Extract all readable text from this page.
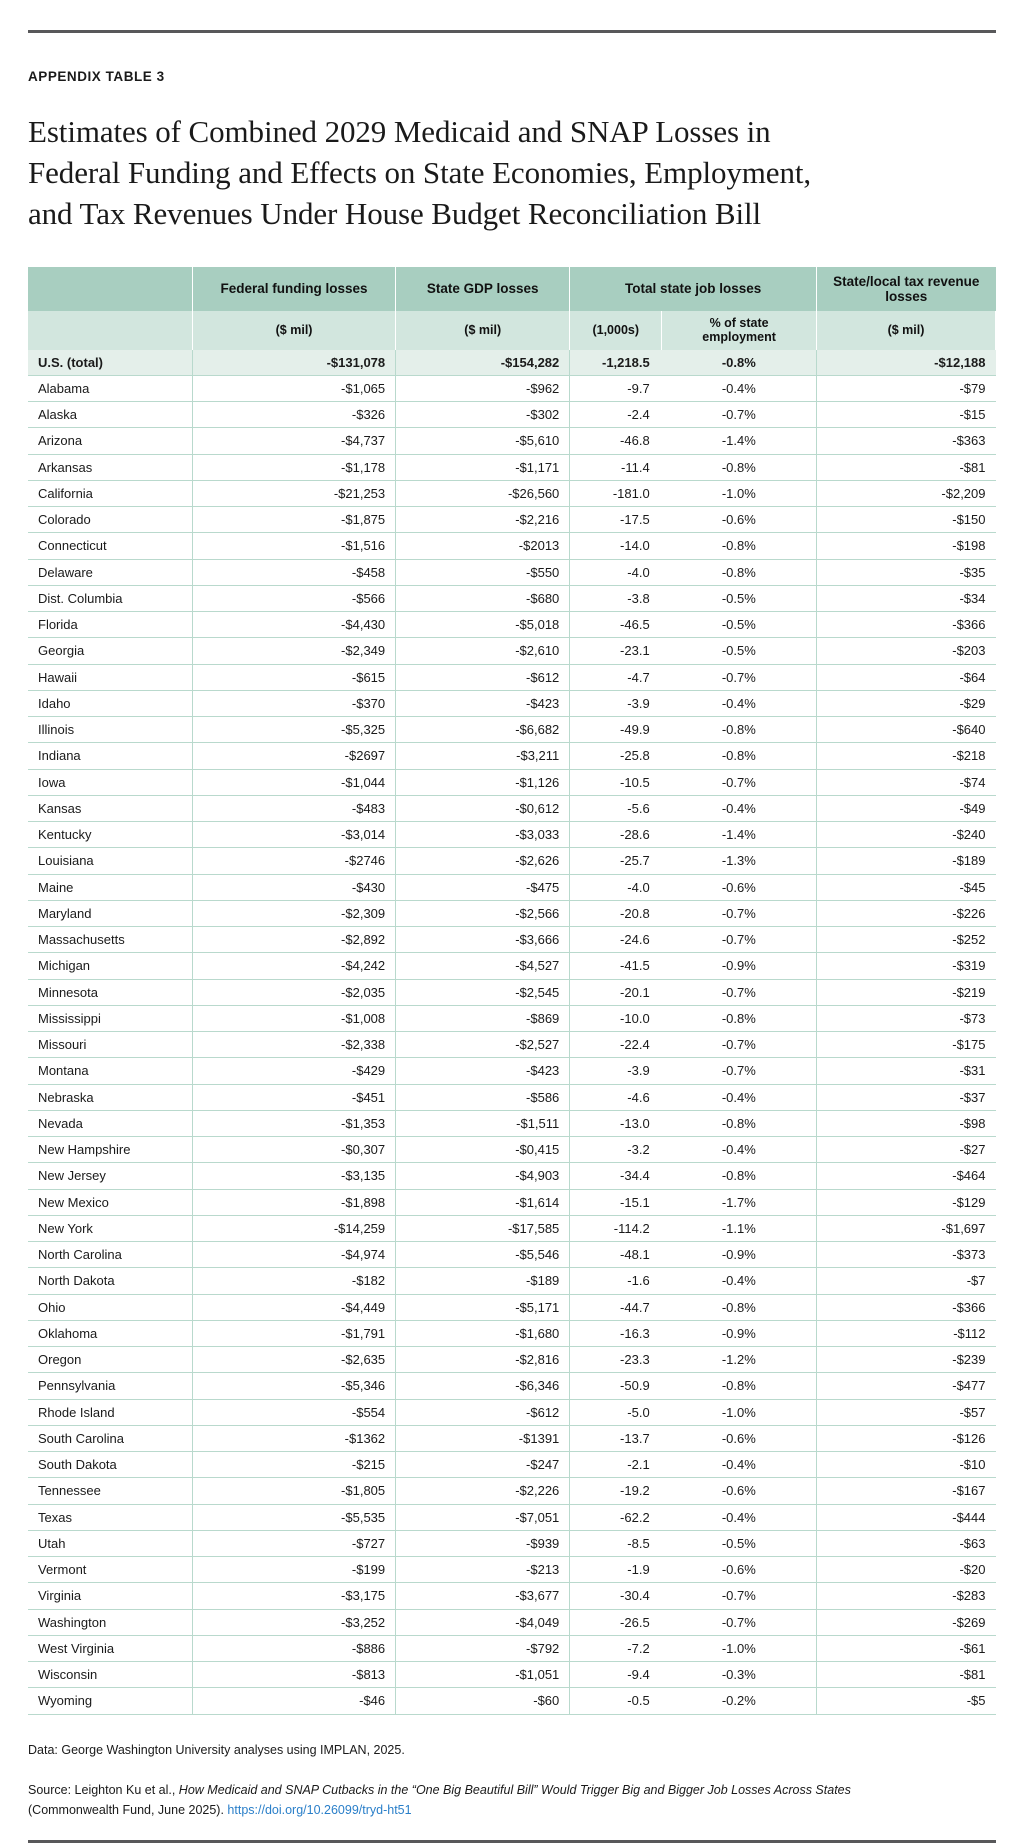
APPENDIX TABLE 3
Estimates of Combined 2029 Medicaid and SNAP Losses in Federal Funding and Effects on State Economies, Employment, and Tax Revenues Under House Budget Reconciliation Bill
	Federal funding losses	State GDP losses	Total state job losses		State/local tax revenue losses
	($ mil)	($ mil)	(1,000s)	% of state employment	($ mil)
U.S. (total)	-$131,078	-$154,282	-1,218.5	-0.8%	-$12,188
Alabama	-$1,065	-$962	-9.7	-0.4%	-$79
Alaska	-$326	-$302	-2.4	-0.7%	-$15
Arizona	-$4,737	-$5,610	-46.8	-1.4%	-$363
Arkansas	-$1,178	-$1,171	-11.4	-0.8%	-$81
California	-$21,253	-$26,560	-181.0	-1.0%	-$2,209
Colorado	-$1,875	-$2,216	-17.5	-0.6%	-$150
Connecticut	-$1,516	-$2013	-14.0	-0.8%	-$198
Delaware	-$458	-$550	-4.0	-0.8%	-$35
Dist. Columbia	-$566	-$680	-3.8	-0.5%	-$34
Florida	-$4,430	-$5,018	-46.5	-0.5%	-$366
Georgia	-$2,349	-$2,610	-23.1	-0.5%	-$203
Hawaii	-$615	-$612	-4.7	-0.7%	-$64
Idaho	-$370	-$423	-3.9	-0.4%	-$29
Illinois	-$5,325	-$6,682	-49.9	-0.8%	-$640
Indiana	-$2697	-$3,211	-25.8	-0.8%	-$218
Iowa	-$1,044	-$1,126	-10.5	-0.7%	-$74
Kansas	-$483	-$0,612	-5.6	-0.4%	-$49
Kentucky	-$3,014	-$3,033	-28.6	-1.4%	-$240
Louisiana	-$2746	-$2,626	-25.7	-1.3%	-$189
Maine	-$430	-$475	-4.0	-0.6%	-$45
Maryland	-$2,309	-$2,566	-20.8	-0.7%	-$226
Massachusetts	-$2,892	-$3,666	-24.6	-0.7%	-$252
Michigan	-$4,242	-$4,527	-41.5	-0.9%	-$319
Minnesota	-$2,035	-$2,545	-20.1	-0.7%	-$219
Mississippi	-$1,008	-$869	-10.0	-0.8%	-$73
Missouri	-$2,338	-$2,527	-22.4	-0.7%	-$175
Montana	-$429	-$423	-3.9	-0.7%	-$31
Nebraska	-$451	-$586	-4.6	-0.4%	-$37
Nevada	-$1,353	-$1,511	-13.0	-0.8%	-$98
New Hampshire	-$0,307	-$0,415	-3.2	-0.4%	-$27
New Jersey	-$3,135	-$4,903	-34.4	-0.8%	-$464
New Mexico	-$1,898	-$1,614	-15.1	-1.7%	-$129
New York	-$14,259	-$17,585	-114.2	-1.1%	-$1,697
North Carolina	-$4,974	-$5,546	-48.1	-0.9%	-$373
North Dakota	-$182	-$189	-1.6	-0.4%	-$7
Ohio	-$4,449	-$5,171	-44.7	-0.8%	-$366
Oklahoma	-$1,791	-$1,680	-16.3	-0.9%	-$112
Oregon	-$2,635	-$2,816	-23.3	-1.2%	-$239
Pennsylvania	-$5,346	-$6,346	-50.9	-0.8%	-$477
Rhode Island	-$554	-$612	-5.0	-1.0%	-$57
South Carolina	-$1362	-$1391	-13.7	-0.6%	-$126
South Dakota	-$215	-$247	-2.1	-0.4%	-$10
Tennessee	-$1,805	-$2,226	-19.2	-0.6%	-$167
Texas	-$5,535	-$7,051	-62.2	-0.4%	-$444
Utah	-$727	-$939	-8.5	-0.5%	-$63
Vermont	-$199	-$213	-1.9	-0.6%	-$20
Virginia	-$3,175	-$3,677	-30.4	-0.7%	-$283
Washington	-$3,252	-$4,049	-26.5	-0.7%	-$269
West Virginia	-$886	-$792	-7.2	-1.0%	-$61
Wisconsin	-$813	-$1,051	-9.4	-0.3%	-$81
Wyoming	-$46	-$60	-0.5	-0.2%	-$5
Data: George Washington University analyses using IMPLAN, 2025.
Source: Leighton Ku et al., How Medicaid and SNAP Cutbacks in the “One Big Beautiful Bill” Would Trigger Big and Bigger Job Losses Across States (Commonwealth Fund, June 2025). https://doi.org/10.26099/tryd-ht51
